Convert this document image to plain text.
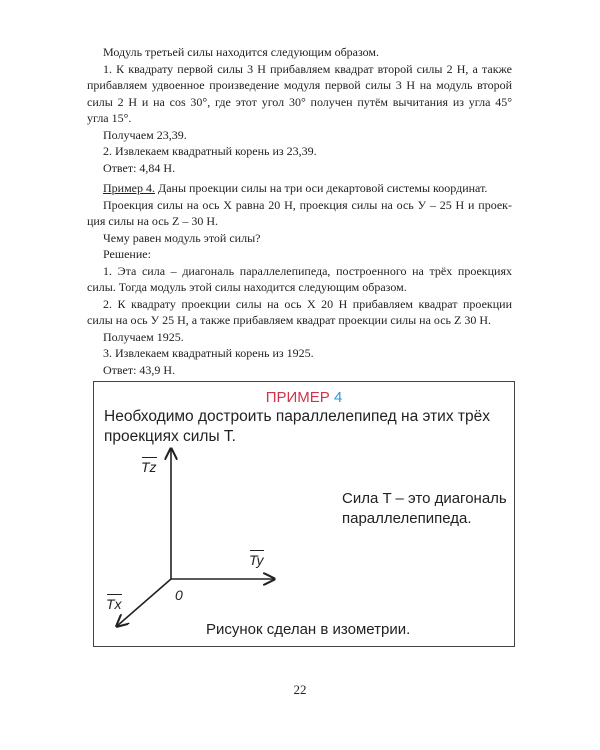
Модуль третьей силы находится следующим образом.
1. К квадрату первой силы 3 Н прибавляем квадрат второй силы 2 Н, а также
прибавляем удвоенное произведение модуля первой силы 3 Н на модуль второй
силы 2 Н и на cos 30°, где этот угол 30° получен путём вычитания из угла 45°
угла 15°.
Получаем 23,39.
2. Извлекаем квадратный корень из 23,39.
Ответ: 4,84 Н.
Пример 4. Даны проекции силы на три оси декартовой системы координат.
Проекция силы на ось Х равна 20 Н, проекция силы на ось У – 25 Н и проек-
ция силы на ось Z – 30 Н.
Чему равен модуль этой силы?
Решение:
1. Эта сила – диагональ параллелепипеда, построенного на трёх проекциях
силы. Тогда модуль этой силы находится следующим образом.
2. К квадрату проекции силы на ось Х 20 Н прибавляем квадрат проекции
силы на ось У 25 Н, а также прибавляем квадрат проекции силы на ось Z 30 Н.
Получаем 1925.
3. Извлекаем квадратный корень из 1925.
Ответ: 43,9 Н.
ПРИМЕР 4
Необходимо достроить параллелепипед на этих трёх
проекциях силы T.
Tz
Ty
Tx
0
Сила T – это диагональ
параллелепипеда.
Рисунок сделан в изометрии.
22
